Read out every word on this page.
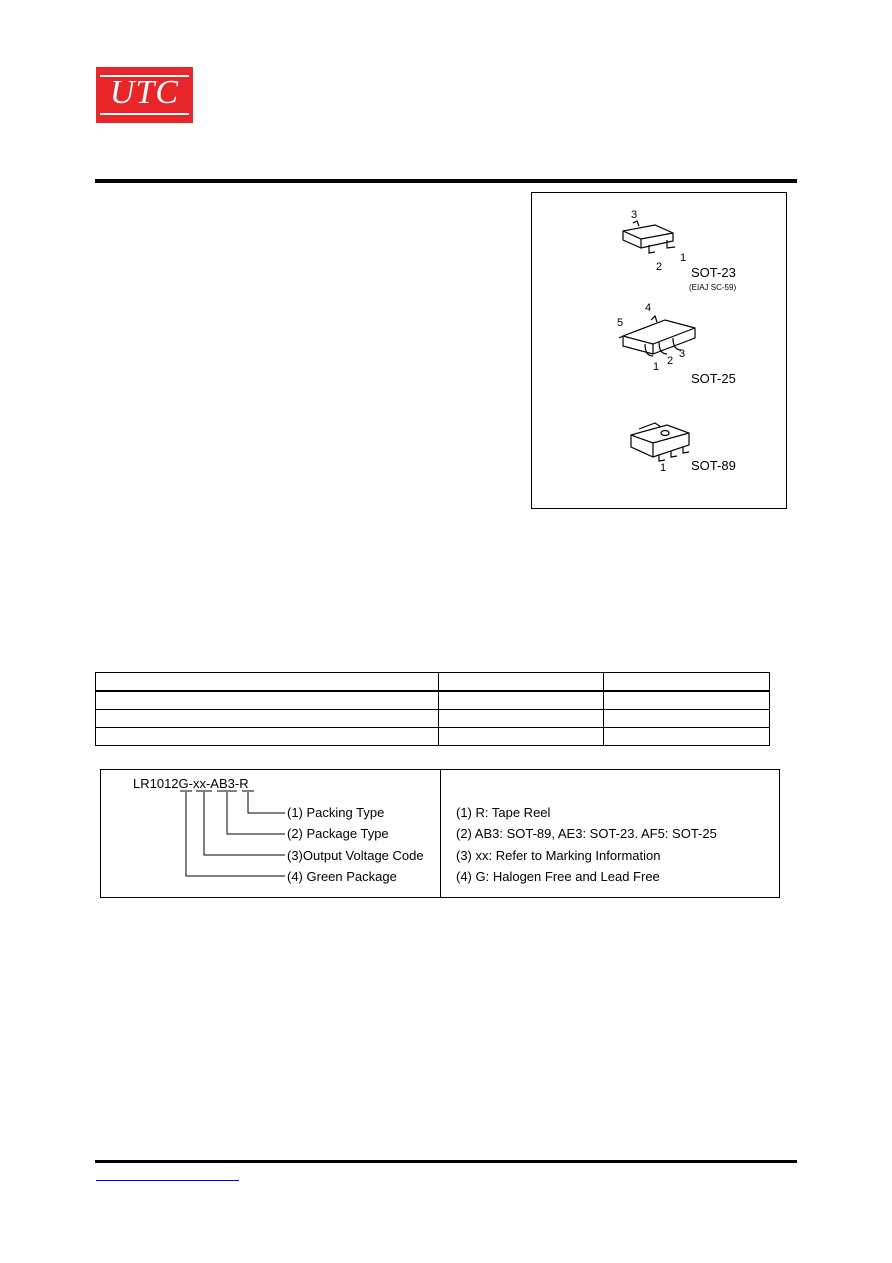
UTC
3
1
2 SOT-23
(EIAJ SC-59)
4
5
1 2
3
SOT-25
1 SOT-89

LR1012G-xx-AB3-R
(1) Packing Type
(2) Package Type
(3)Output Voltage Code
(4) Green Package
(1) R: Tape Reel
(2) AB3: SOT-89, AE3: SOT-23. AF5: SOT-25
(3) xx: Refer to Marking Information
(4) G: Halogen Free and Lead Free
